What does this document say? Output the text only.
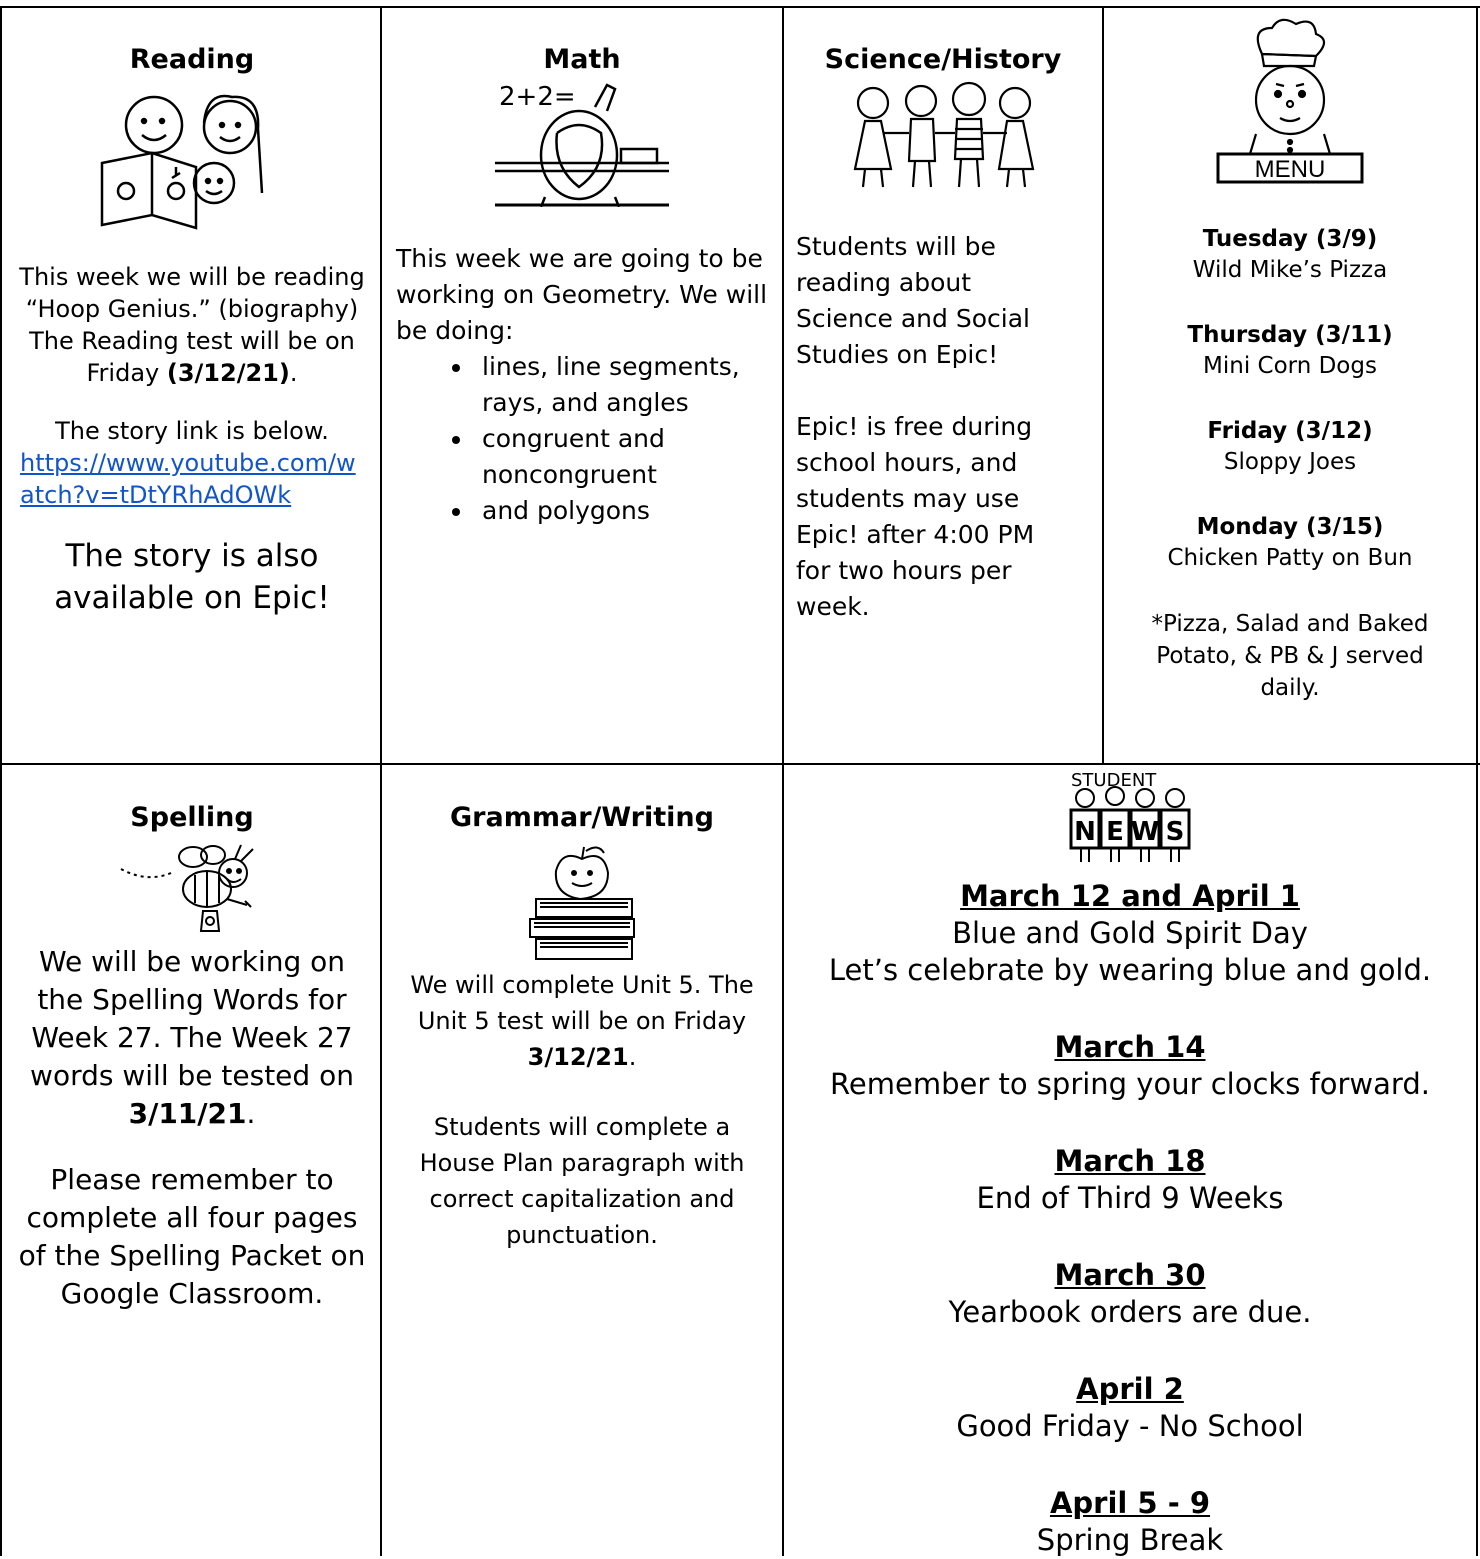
Reading
This week we will be reading “Hoop Genius.” (biography) The Reading test will be on Friday (3/12/21).
The story link is below.
https://www.youtube.com/watch?v=tDtYRhAdOWk
The story is also available on Epic!
Math
2+2=
This week we are going to be working on Geometry. We will be doing:
• lines, line segments, rays, and angles
• congruent and noncongruent
• and polygons
Science/History
Students will be reading about Science and Social Studies on Epic!
Epic! is free during school hours, and students may use Epic! after 4:00 PM for two hours per week.
MENU
Tuesday (3/9)
Wild Mike’s Pizza
Thursday (3/11)
Mini Corn Dogs
Friday (3/12)
Sloppy Joes
Monday (3/15)
Chicken Patty on Bun
*Pizza, Salad and Baked Potato, & PB & J served daily.
Spelling
We will be working on the Spelling Words for Week 27. The Week 27 words will be tested on 3/11/21.
Please remember to complete all four pages of the Spelling Packet on Google Classroom.
Grammar/Writing
We will complete Unit 5. The Unit 5 test will be on Friday 3/12/21.
Students will complete a House Plan paragraph with correct capitalization and punctuation.
STUDENT
N E W S
March 12 and April 1
Blue and Gold Spirit Day
Let’s celebrate by wearing blue and gold.
March 14
Remember to spring your clocks forward.
March 18
End of Third 9 Weeks
March 30
Yearbook orders are due.
April 2
Good Friday - No School
April 5 - 9
Spring Break
